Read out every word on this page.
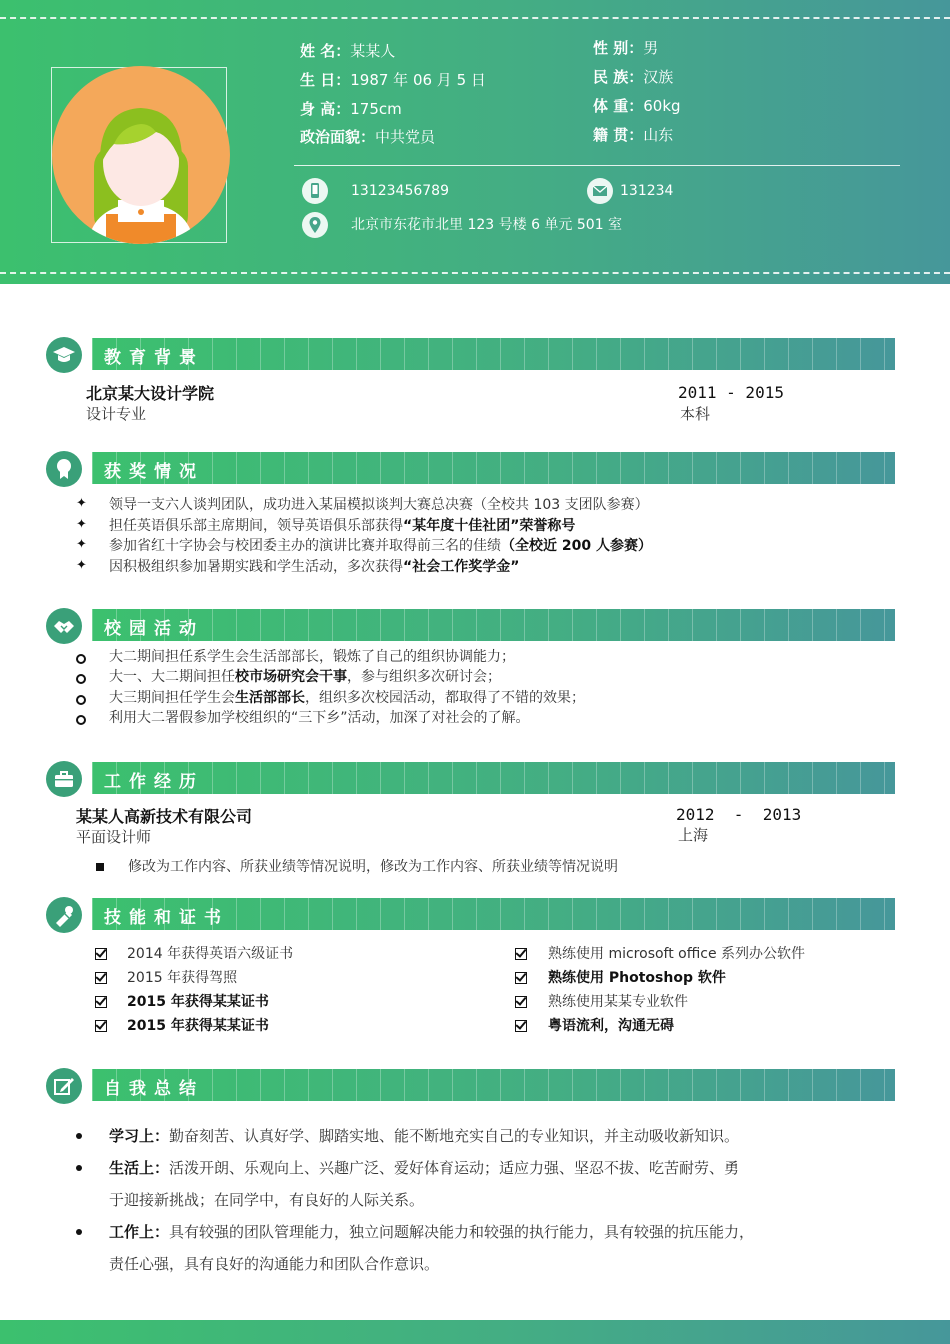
姓 名：某某人
生 日：1987 年 06 月 5 日
身 高：175cm
政治面貌：中共党员
性 别：男
民 族：汉族
体 重：60kg
籍 贯：山东
13123456789	131234
北京市东花市北里 123 号楼 6 单元 501 室
教育背景
北京某大设计学院
设计专业
2011 - 2015
本科
获奖情况
✦ 领导一支六人谈判团队，成功进入某届模拟谈判大赛总决赛（全校共 103 支团队参赛）
✦ 担任英语俱乐部主席期间，领导英语俱乐部获得“某年度十佳社团”荣誉称号
✦ 参加省红十字协会与校团委主办的演讲比赛并取得前三名的佳绩（全校近 200 人参赛）
✦ 因积极组织参加暑期实践和学生活动，多次获得“社会工作奖学金”
校园活动
大二期间担任系学生会生活部部长，锻炼了自己的组织协调能力；
大一、大二期间担任校市场研究会干事，参与组织多次研讨会；
大三期间担任学生会生活部部长，组织多次校园活动，都取得了不错的效果；
利用大二署假参加学校组织的“三下乡”活动，加深了对社会的了解。
工作经历
某某人高新技术有限公司
平面设计师
2012  -  2013
上海
修改为工作内容、所获业绩等情况说明，修改为工作内容、所获业绩等情况说明
技能和证书
2014 年获得英语六级证书
2015 年获得驾照
2015 年获得某某证书
2015 年获得某某证书
熟练使用 microsoft office 系列办公软件
熟练使用 Photoshop 软件
熟练使用某某专业软件
粤语流利，沟通无碍
自我总结
学习上：勤奋刻苦、认真好学、脚踏实地、能不断地充实自己的专业知识，并主动吸收新知识。
生活上：活泼开朗、乐观向上、兴趣广泛、爱好体育运动；适应力强、坚忍不拔、吃苦耐劳、勇
于迎接新挑战；在同学中，有良好的人际关系。
工作上：具有较强的团队管理能力，独立问题解决能力和较强的执行能力，具有较强的抗压能力，
责任心强，具有良好的沟通能力和团队合作意识。
